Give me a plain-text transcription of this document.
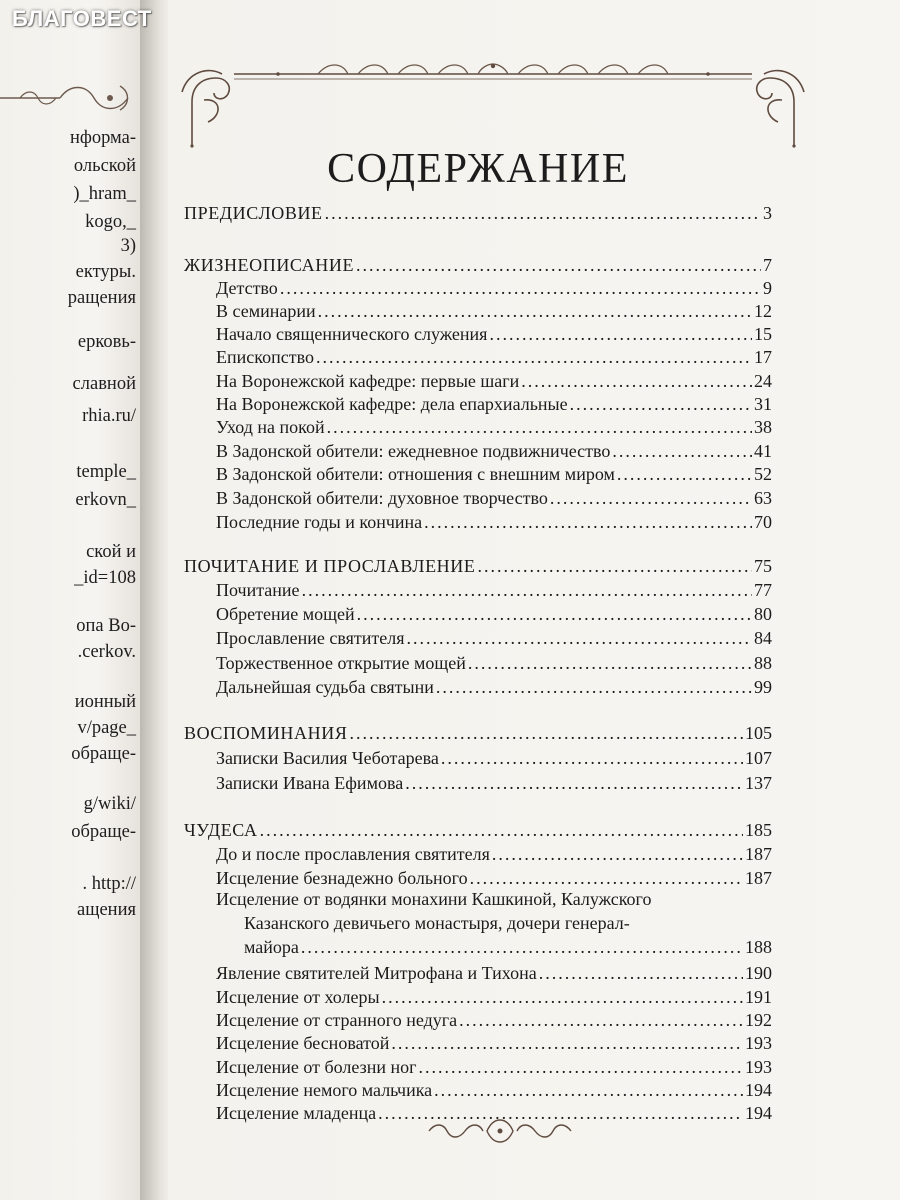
нформа-
ольской
)_hram_
kogo,_
3)
ектуры.
ращения
ерковь-
славной
rhia.ru/
temple_
erkovn_
ской и
_id=108
опа Во-
.cerkov.
ионный
v/page_
обраще-
g/wiki/
обраще-
. http://
ащения
СОДЕРЖАНИЕ
ПРЕДИСЛОВИЕ .....	3
ЖИЗНЕОПИСАНИЕ .....	7
Детство .....	9
В семинарии .....	12
Начало священнического служения .....	15
Епископство .....	17
На Воронежской кафедре: первые шаги .....	24
На Воронежской кафедре: дела епархиальные .....	31
Уход на покой .....	38
В Задонской обители: ежедневное подвижничество .....	41
В Задонской обители: отношения с внешним миром .....	52
В Задонской обители: духовное творчество .....	63
Последние годы и кончина .....	70
ПОЧИТАНИЕ И ПРОСЛАВЛЕНИЕ .....	75
Почитание .....	77
Обретение мощей .....	80
Прославление святителя .....	84
Торжественное открытие мощей .....	88
Дальнейшая судьба святыни .....	99
ВОСПОМИНАНИЯ .....	105
Записки Василия Чеботарева .....	107
Записки Ивана Ефимова .....	137
ЧУДЕСА .....	185
До и после прославления святителя .....	187
Исцеление безнадежно больного .....	187
Исцеление от водянки монахини Кашкиной, Калужского
Казанского девичьего монастыря, дочери генерал-
майора .....	188
Явление святителей Митрофана и Тихона .....	190
Исцеление от холеры .....	191
Исцеление от странного недуга .....	192
Исцеление бесноватой .....	193
Исцеление от болезни ног .....	193
Исцеление немого мальчика .....	194
Исцеление младенца .....	194
БЛАГОВЕСТ
